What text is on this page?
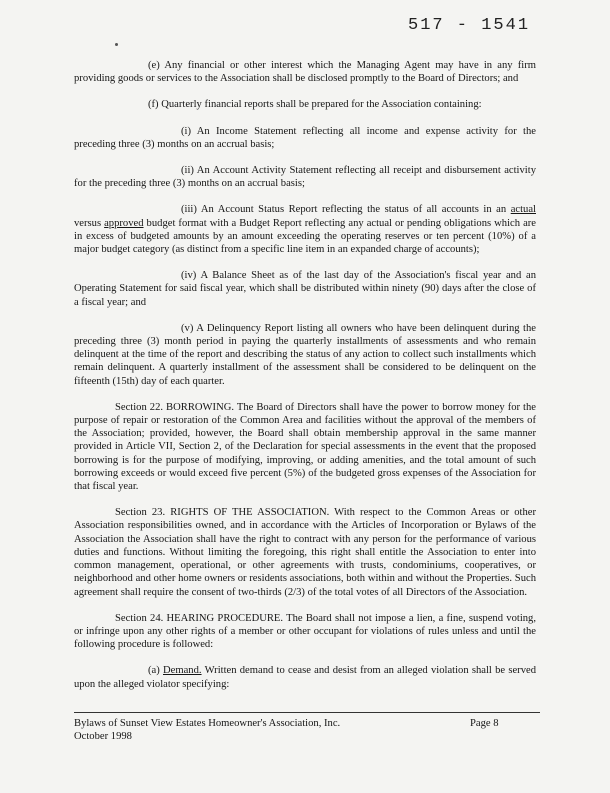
517 - 1541

(e) Any financial or other interest which the Managing Agent may have in any firm providing goods or services to the Association shall be disclosed promptly to the Board of Directors; and

(f) Quarterly financial reports shall be prepared for the Association containing:

(i) An Income Statement reflecting all income and expense activity for the preceding three (3) months on an accrual basis;

(ii) An Account Activity Statement reflecting all receipt and disbursement activity for the preceding three (3) months on an accrual basis;

(iii) An Account Status Report reflecting the status of all accounts in an actual versus approved budget format with a Budget Report reflecting any actual or pending obligations which are in excess of budgeted amounts by an amount exceeding the operating reserves or ten percent (10%) of a major budget category (as distinct from a specific line item in an expanded charge of accounts);

(iv) A Balance Sheet as of the last day of the Association's fiscal year and an Operating Statement for said fiscal year, which shall be distributed within ninety (90) days after the close of a fiscal year; and

(v) A Delinquency Report listing all owners who have been delinquent during the preceding three (3) month period in paying the quarterly installments of assessments and who remain delinquent at the time of the report and describing the status of any action to collect such installments which remain delinquent. A quarterly installment of the assessment shall be considered to be delinquent on the fifteenth (15th) day of each quarter.

Section 22. BORROWING. The Board of Directors shall have the power to borrow money for the purpose of repair or restoration of the Common Area and facilities without the approval of the members of the Association; provided, however, the Board shall obtain membership approval in the same manner provided in Article VII, Section 2, of the Declaration for special assessments in the event that the proposed borrowing is for the purpose of modifying, improving, or adding amenities, and the total amount of such borrowing exceeds or would exceed five percent (5%) of the budgeted gross expenses of the Association for that fiscal year.

Section 23. RIGHTS OF THE ASSOCIATION. With respect to the Common Areas or other Association responsibilities owned, and in accordance with the Articles of Incorporation or Bylaws of the Association the Association shall have the right to contract with any person for the performance of various duties and functions. Without limiting the foregoing, this right shall entitle the Association to enter into common management, operational, or other agreements with trusts, condominiums, cooperatives, or neighborhood and other home owners or residents associations, both within and without the Properties. Such agreement shall require the consent of two-thirds (2/3) of the total votes of all Directors of the Association.

Section 24. HEARING PROCEDURE. The Board shall not impose a lien, a fine, suspend voting, or infringe upon any other rights of a member or other occupant for violations of rules unless and until the following procedure is followed:

(a) Demand. Written demand to cease and desist from an alleged violation shall be served upon the alleged violator specifying:

Bylaws of Sunset View Estates Homeowner's Association, Inc.
October 1998
Page 8
